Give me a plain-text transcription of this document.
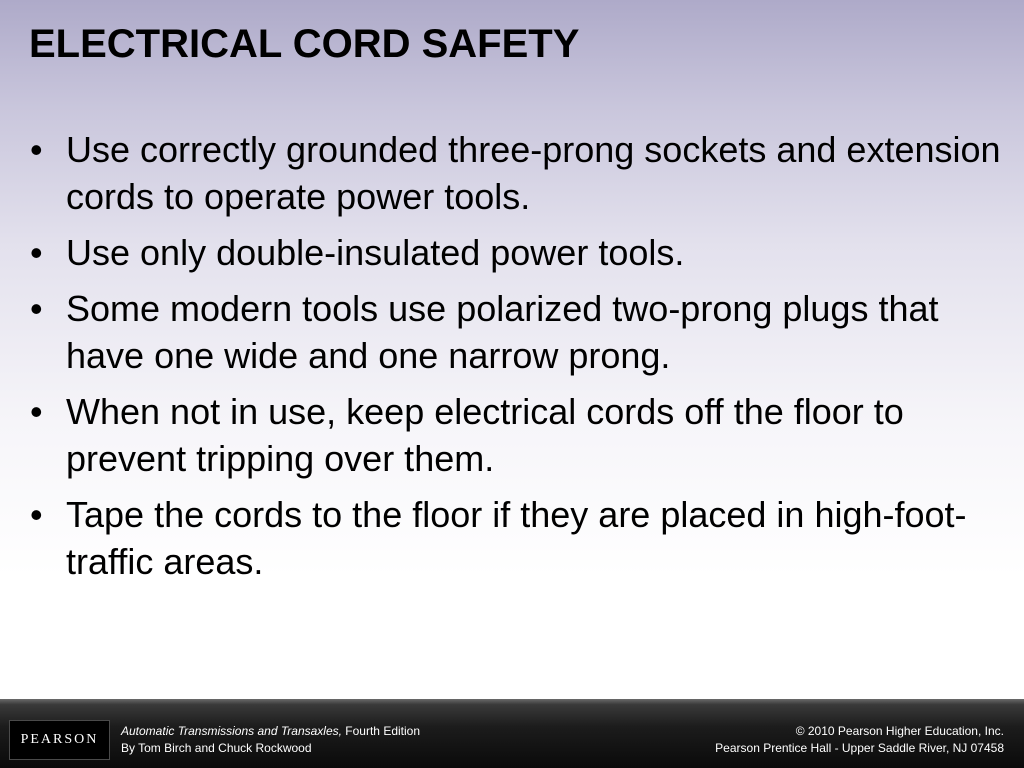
ELECTRICAL CORD SAFETY
• Use correctly grounded three-prong sockets and extension cords to operate power tools.
• Use only double-insulated power tools.
• Some modern tools use polarized two-prong plugs that have one wide and one narrow prong.
• When not in use, keep electrical cords off the floor to prevent tripping over them.
• Tape the cords to the floor if they are placed in high-foot-traffic areas.
PEARSON
Automatic Transmissions and Transaxles, Fourth Edition
By Tom Birch and Chuck Rockwood
© 2010 Pearson Higher Education, Inc.
Pearson Prentice Hall - Upper Saddle River, NJ 07458
